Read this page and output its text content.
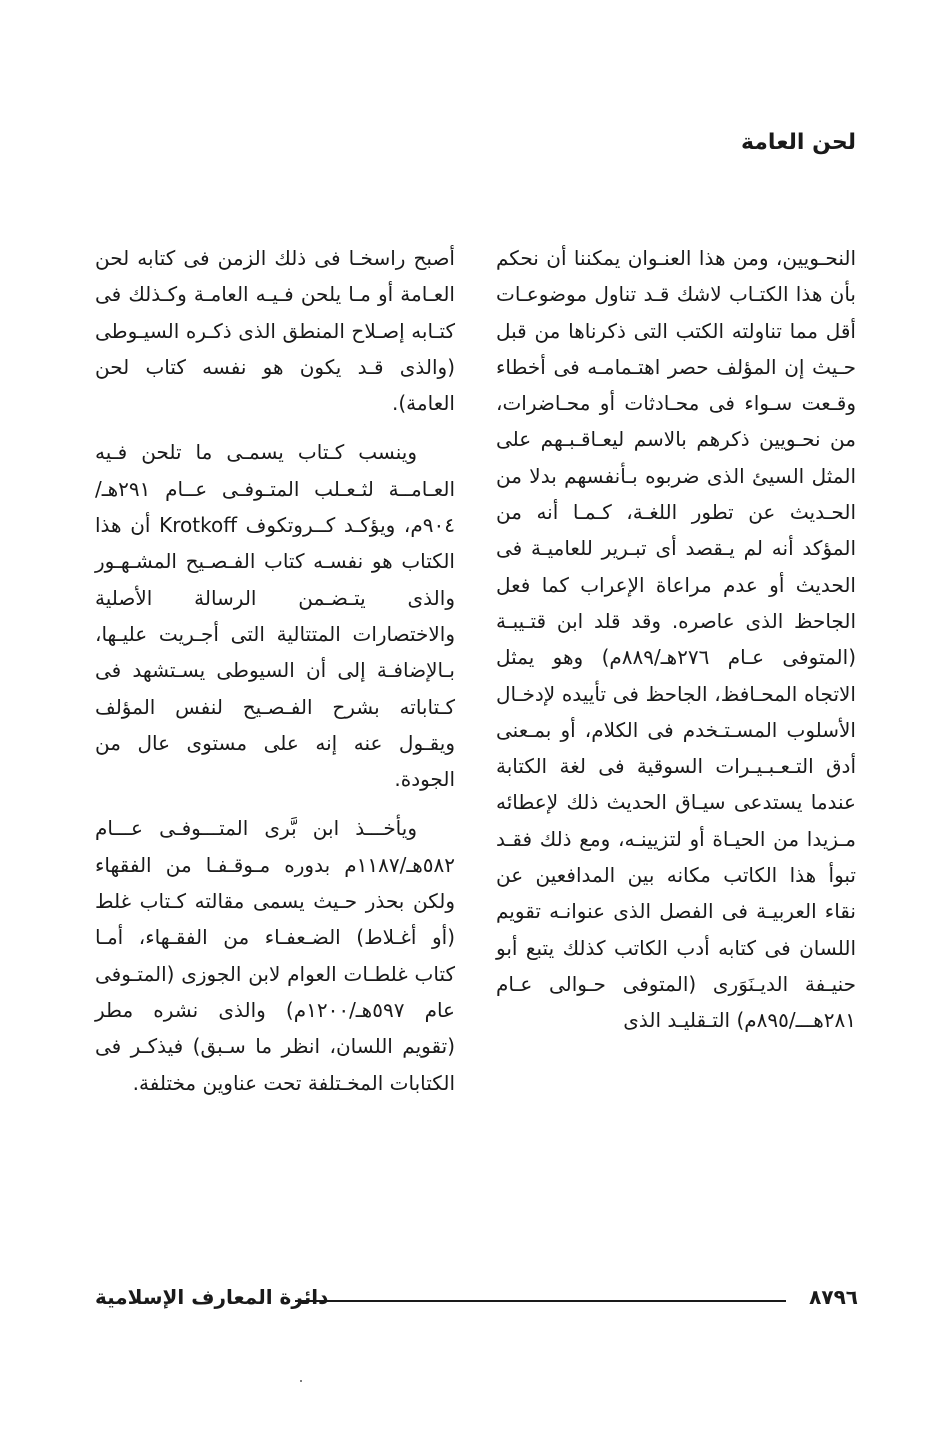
لحن العامة

النحـويين، ومن هذا العنـوان يمكننا أن نحكم بأن هذا الكتـاب لاشك قـد تناول موضوعـات أقل مما تناولته الكتب التى ذكرناها من قبل حـيث إن المؤلف حصر اهتـمامـه فى أخطاء وقـعت سـواء فى محـادثات أو محـاضرات، من نحـويين ذكرهم بالاسم ليعـاقـبـهم على المثل السيئ الذى ضربوه بـأنفسهم بدلا من الحـديث عن تطور اللغـة، كـمـا أنه من المؤكد أنه لم يـقصد أى تبـرير للعاميـة فى الحديث أو عدم مراعاة الإعراب كما فعل الجاحظ الذى عاصره. وقد قلد ابن قتـيبـة (المتوفى عـام ٢٧٦هـ/٨٨٩م) وهو يمثل الاتجاه المحـافظ، الجاحظ فى تأييده لإدخـال الأسلوب المسـتـخدم فى الكلام، أو بمـعنى أدق التـعـبـيـرات السوقية فى لغة الكتابة عندما يستدعى سيـاق الحديث ذلك لإعطائه مـزيدا من الحيـاة أو لتزيينـه، ومع ذلك فقـد تبوأ هذا الكاتب مكانه بين المدافعين عن نقاء العربيـة فى الفصل الذى عنوانـه تقويم اللسان فى كتابه أدب الكاتب كذلك يتبع أبو حنيـفة الديـنَوَرى (المتوفى حـوالى عـام ٢٨١هـــ/٨٩٥م) التـقليـد الذى

أصبح راسخـا فى ذلك الزمن فى كتابه لحن العـامة أو مـا يلحن فـيـه العامـة وكـذلك فى كتـابه إصـلاح المنطق الذى ذكـره السيـوطى (والذى قـد يكون هو نفسه كتاب لحن العامة).

وينسب كـتاب يسمـى ما تلحن فـيه العـامــة لثـعـلب المتـوفـى عــام ٢٩١هـ/٩٠٤م، ويؤكـد كــروتكوف Krotkoff أن هذا الكتاب هو نفسـه كتاب الفـصـيح المشـهـور والذى يتـضـمن الرسالة الأصلية والاختصارات المتتالية التى أجـريت عليـها، بـالإضافـة إلى أن السيوطى يسـتشهد فى كـتاباته بشرح الفـصـيح لنفس المؤلف ويقـول عنه إنه على مستوى عال من الجودة.

ويأخـــذ ابن بَّرى المتـــوفـى عـــام ٥٨٢هـ/١١٨٧م بدوره مـوقـفـا من الفقهاء ولكن بحذر حـيث يسمى مقالته كـتاب غلط (أو أغـلاط) الضـعفـاء من الفقـهاء، أمـا كتاب غلطـات العوام لابن الجوزى (المتـوفى عام ٥٩٧هـ/١٢٠٠م) والذى نشره مطر (تقويم اللسان، انظر ما سـبق) فيذكـر فى الكتابات المخـتلفة تحت عناوين مختلفة.

٨٧٩٦
دائرة المعارف الإسلامية
